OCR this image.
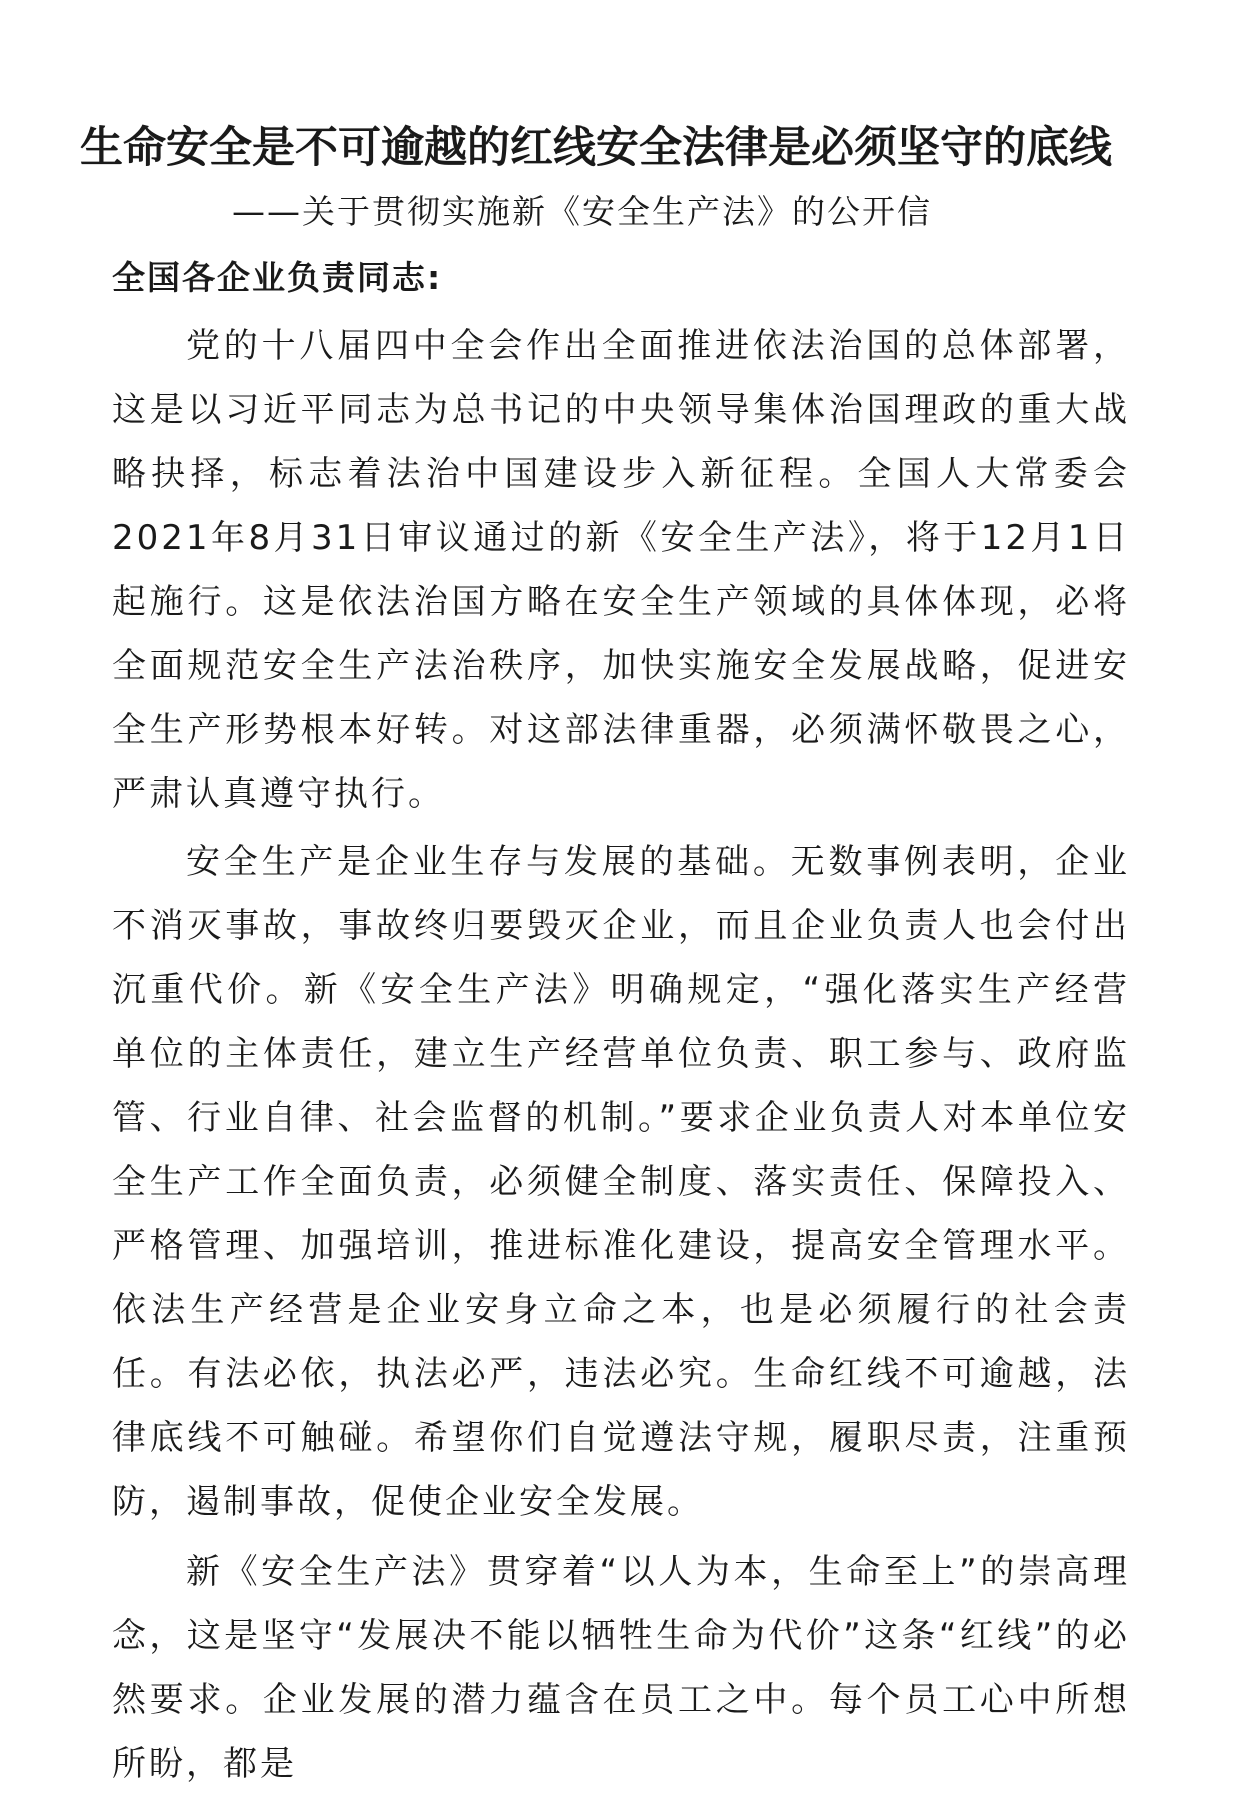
生命安全是不可逾越的红线安全法律是必须坚守的底线
——关于贯彻实施新《安全生产法》的公开信
全国各企业负责同志:

党的十八届四中全会作出全面推进依法治国的总体部署，这是以习近平同志为总书记的中央领导集体治国理政的重大战略抉择，标志着法治中国建设步入新征程。全国人大常委会2021年8月31日审议通过的新《安全生产法》，将于12月1日起施行。这是依法治国方略在安全生产领域的具体体现，必将全面规范安全生产法治秩序，加快实施安全发展战略，促进安全生产形势根本好转。对这部法律重器，必须满怀敬畏之心，严肃认真遵守执行。

安全生产是企业生存与发展的基础。无数事例表明，企业不消灭事故，事故终归要毁灭企业，而且企业负责人也会付出沉重代价。新《安全生产法》明确规定，“强化落实生产经营单位的主体责任，建立生产经营单位负责、职工参与、政府监管、行业自律、社会监督的机制。”要求企业负责人对本单位安全生产工作全面负责，必须健全制度、落实责任、保障投入、严格管理、加强培训，推进标准化建设，提高安全管理水平。依法生产经营是企业安身立命之本，也是必须履行的社会责任。有法必依，执法必严，违法必究。生命红线不可逾越，法律底线不可触碰。希望你们自觉遵法守规，履职尽责，注重预防，遏制事故，促使企业安全发展。

新《安全生产法》贯穿着“以人为本，生命至上”的崇高理念，这是坚守“发展决不能以牺牲生命为代价”这条“红线”的必然要求。企业发展的潜力蕴含在员工之中。每个员工心中所想所盼，都是
